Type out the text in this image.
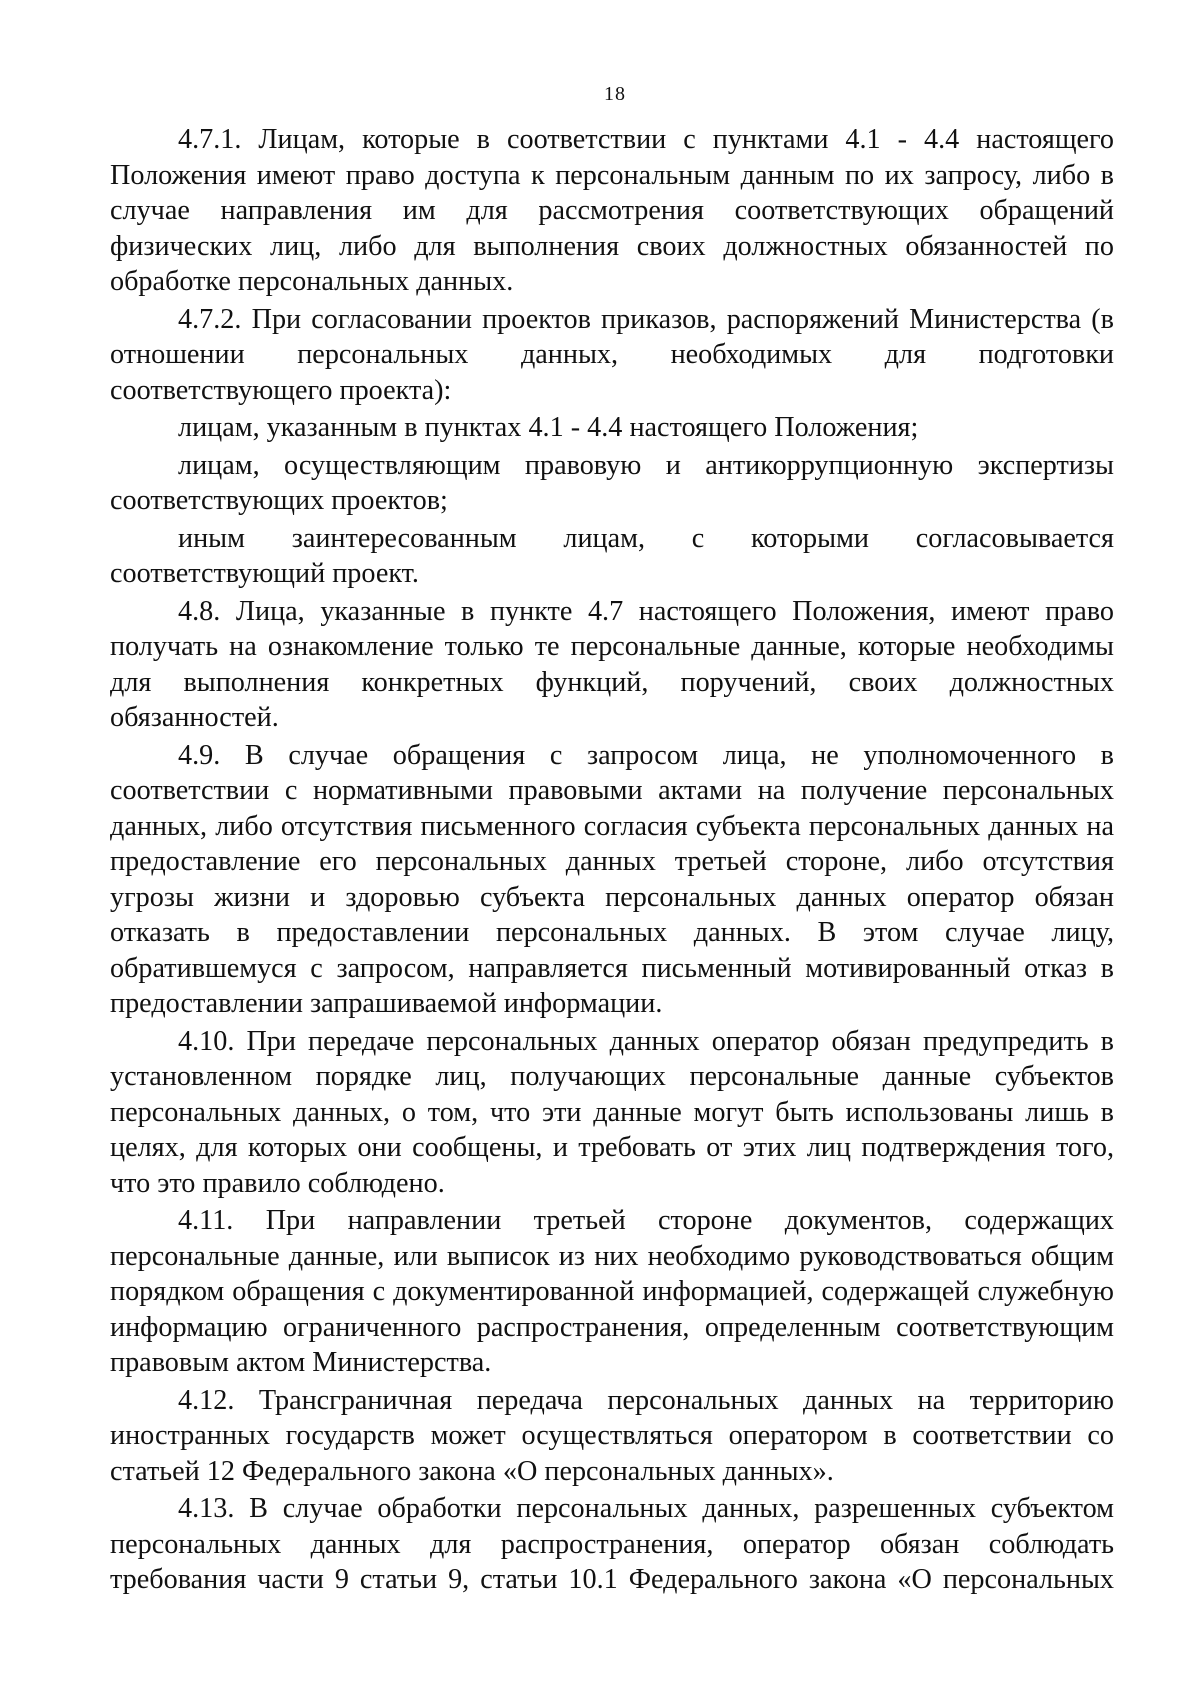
18

4.7.1. Лицам, которые в соответствии с пунктами 4.1 - 4.4 настоящего Положения имеют право доступа к персональным данным по их запросу, либо в случае направления им для рассмотрения соответствующих обращений физических лиц, либо для выполнения своих должностных обязанностей по обработке персональных данных.

4.7.2. При согласовании проектов приказов, распоряжений Министерства (в отношении персональных данных, необходимых для подготовки соответствующего проекта):

лицам, указанным в пунктах 4.1 - 4.4 настоящего Положения;

лицам, осуществляющим правовую и антикоррупционную экспертизы соответствующих проектов;

иным заинтересованным лицам, с которыми согласовывается соответствующий проект.

4.8. Лица, указанные в пункте 4.7 настоящего Положения, имеют право получать на ознакомление только те персональные данные, которые необходимы для выполнения конкретных функций, поручений, своих должностных обязанностей.

4.9. В случае обращения с запросом лица, не уполномоченного в соответствии с нормативными правовыми актами на получение персональных данных, либо отсутствия письменного согласия субъекта персональных данных на предоставление его персональных данных третьей стороне, либо отсутствия угрозы жизни и здоровью субъекта персональных данных оператор обязан отказать в предоставлении персональных данных. В этом случае лицу, обратившемуся с запросом, направляется письменный мотивированный отказ в предоставлении запрашиваемой информации.

4.10. При передаче персональных данных оператор обязан предупредить в установленном порядке лиц, получающих персональные данные субъектов персональных данных, о том, что эти данные могут быть использованы лишь в целях, для которых они сообщены, и требовать от этих лиц подтверждения того, что это правило соблюдено.

4.11. При направлении третьей стороне документов, содержащих персональные данные, или выписок из них необходимо руководствоваться общим порядком обращения с документированной информацией, содержащей служебную информацию ограниченного распространения, определенным соответствующим правовым актом Министерства.

4.12. Трансграничная передача персональных данных на территорию иностранных государств может осуществляться оператором в соответствии со статьей 12 Федерального закона «О персональных данных».

4.13. В случае обработки персональных данных, разрешенных субъектом персональных данных для распространения, оператор обязан соблюдать требования части 9 статьи 9, статьи 10.1 Федерального закона «О персональных
